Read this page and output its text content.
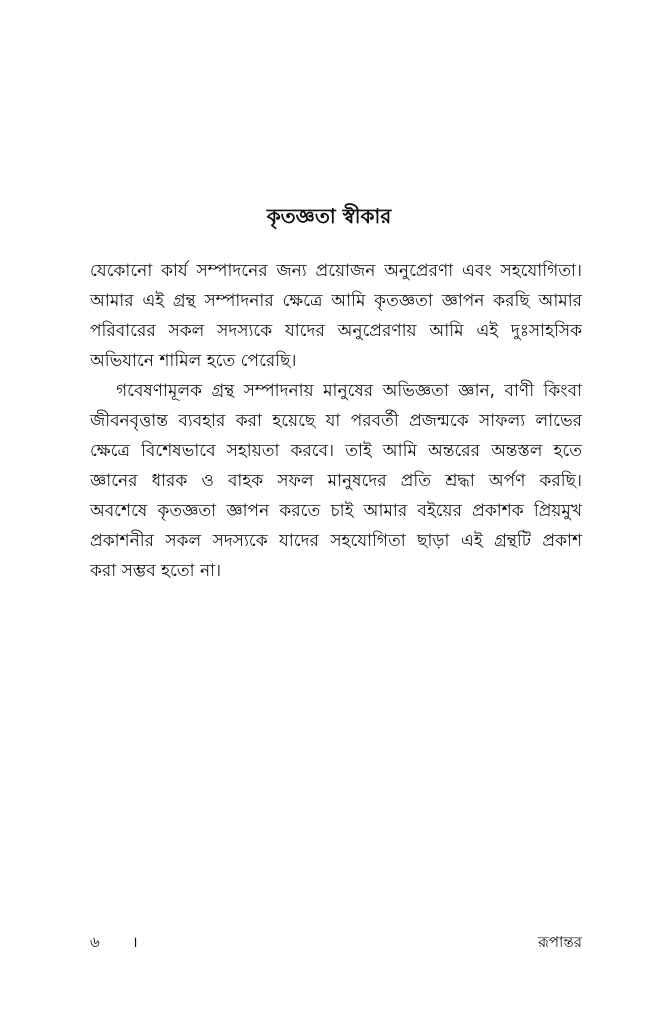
কৃতজ্ঞতা স্বীকার
যেকোনো কার্য সম্পাদনের জন্য প্রয়োজন অনুপ্রেরণা এবং সহযোগিতা।
আমার এই গ্রন্থ সম্পাদনার ক্ষেত্রে আমি কৃতজ্ঞতা জ্ঞাপন করছি আমার
পরিবারের সকল সদস্যকে যাদের অনুপ্রেরণায় আমি এই দুঃসাহসিক
অভিযানে শামিল হতে পেরেছি।
গবেষণামূলক গ্রন্থ সম্পাদনায় মানুষের অভিজ্ঞতা জ্ঞান, বাণী কিংবা
জীবনবৃত্তান্ত ব্যবহার করা হয়েছে যা পরবর্তী প্রজন্মকে সাফল্য লাভের
ক্ষেত্রে বিশেষভাবে সহায়তা করবে। তাই আমি অন্তরের অন্তস্তল হতে
জ্ঞানের ধারক ও বাহক সফল মানুষদের প্রতি শ্রদ্ধা অর্পণ করছি।
অবশেষে কৃতজ্ঞতা জ্ঞাপন করতে চাই আমার বইয়ের প্রকাশক প্রিয়মুখ
প্রকাশনীর সকল সদস্যকে যাদের সহযোগিতা ছাড়া এই গ্রন্থটি প্রকাশ
করা সম্ভব হতো না।
৬ ।	রূপান্তর
